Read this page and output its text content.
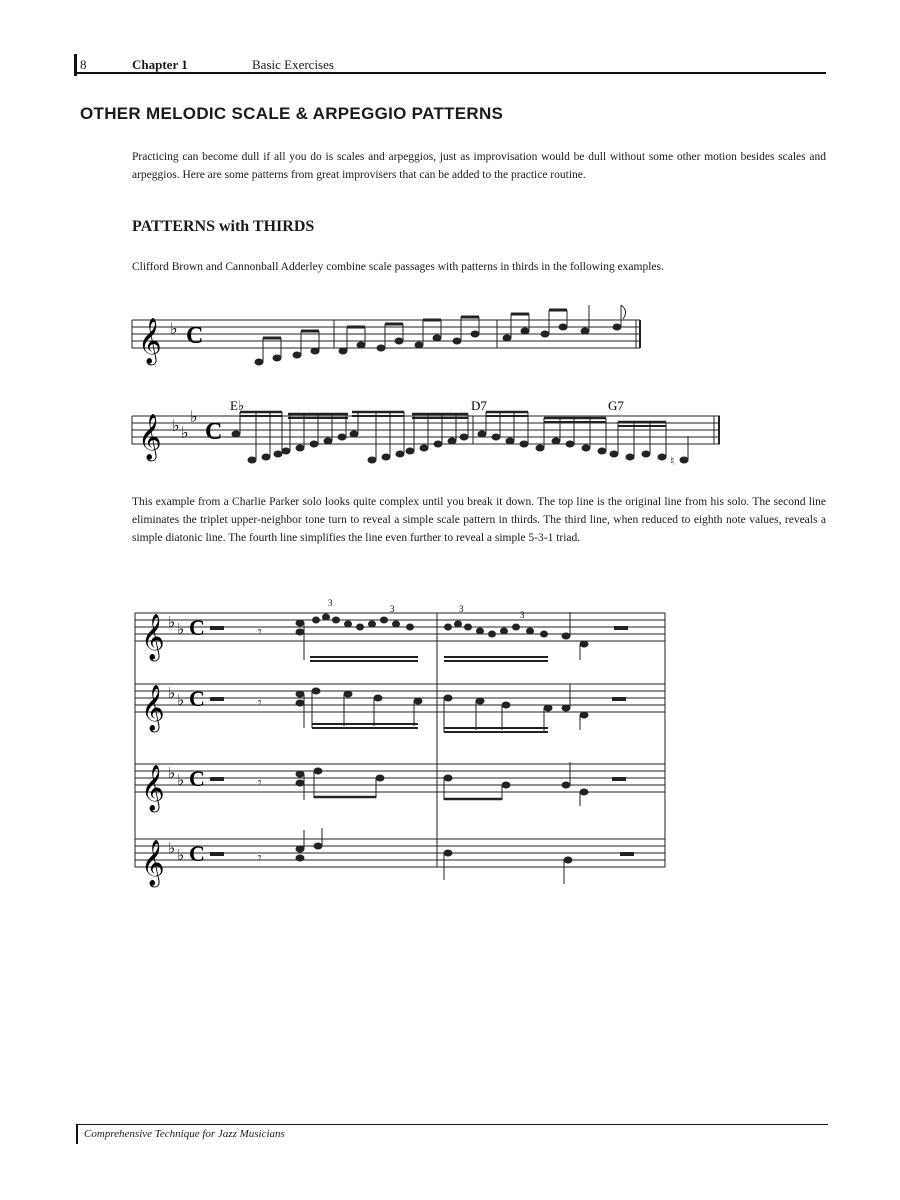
8	Chapter 1	Basic Exercises
OTHER MELODIC SCALE & ARPEGGIO PATTERNS

Practicing can become dull if all you do is scales and arpeggios, just as improvisation would be dull without some other motion besides scales and arpeggios. Here are some patterns from great improvisers that can be added to the practice routine.

PATTERNS with THIRDS

Clifford Brown and Cannonball Adderley combine scale passages with patterns in thirds in the following examples.

𝄞 ♭ C
𝄞 ♭ ♭
♭
C
E♭	D7	G7
♮
𝄞
𝄞
𝄞
𝄞
♭ ♭
♭ ♭
♭ ♭
♭ ♭
C
C
C
C
𝄾
𝄾
𝄾
𝄾
3
3	3
3

This example from a Charlie Parker solo looks quite complex until you break it down. The top line is the original line from his solo. The second line eliminates the triplet upper-neighbor tone turn to reveal a simple scale pattern in thirds. The third line, when reduced to eighth note values, reveals a simple diatonic line. The fourth line simplifies the line even further to reveal a simple 5-3-1 triad.

Comprehensive Technique for Jazz Musicians
